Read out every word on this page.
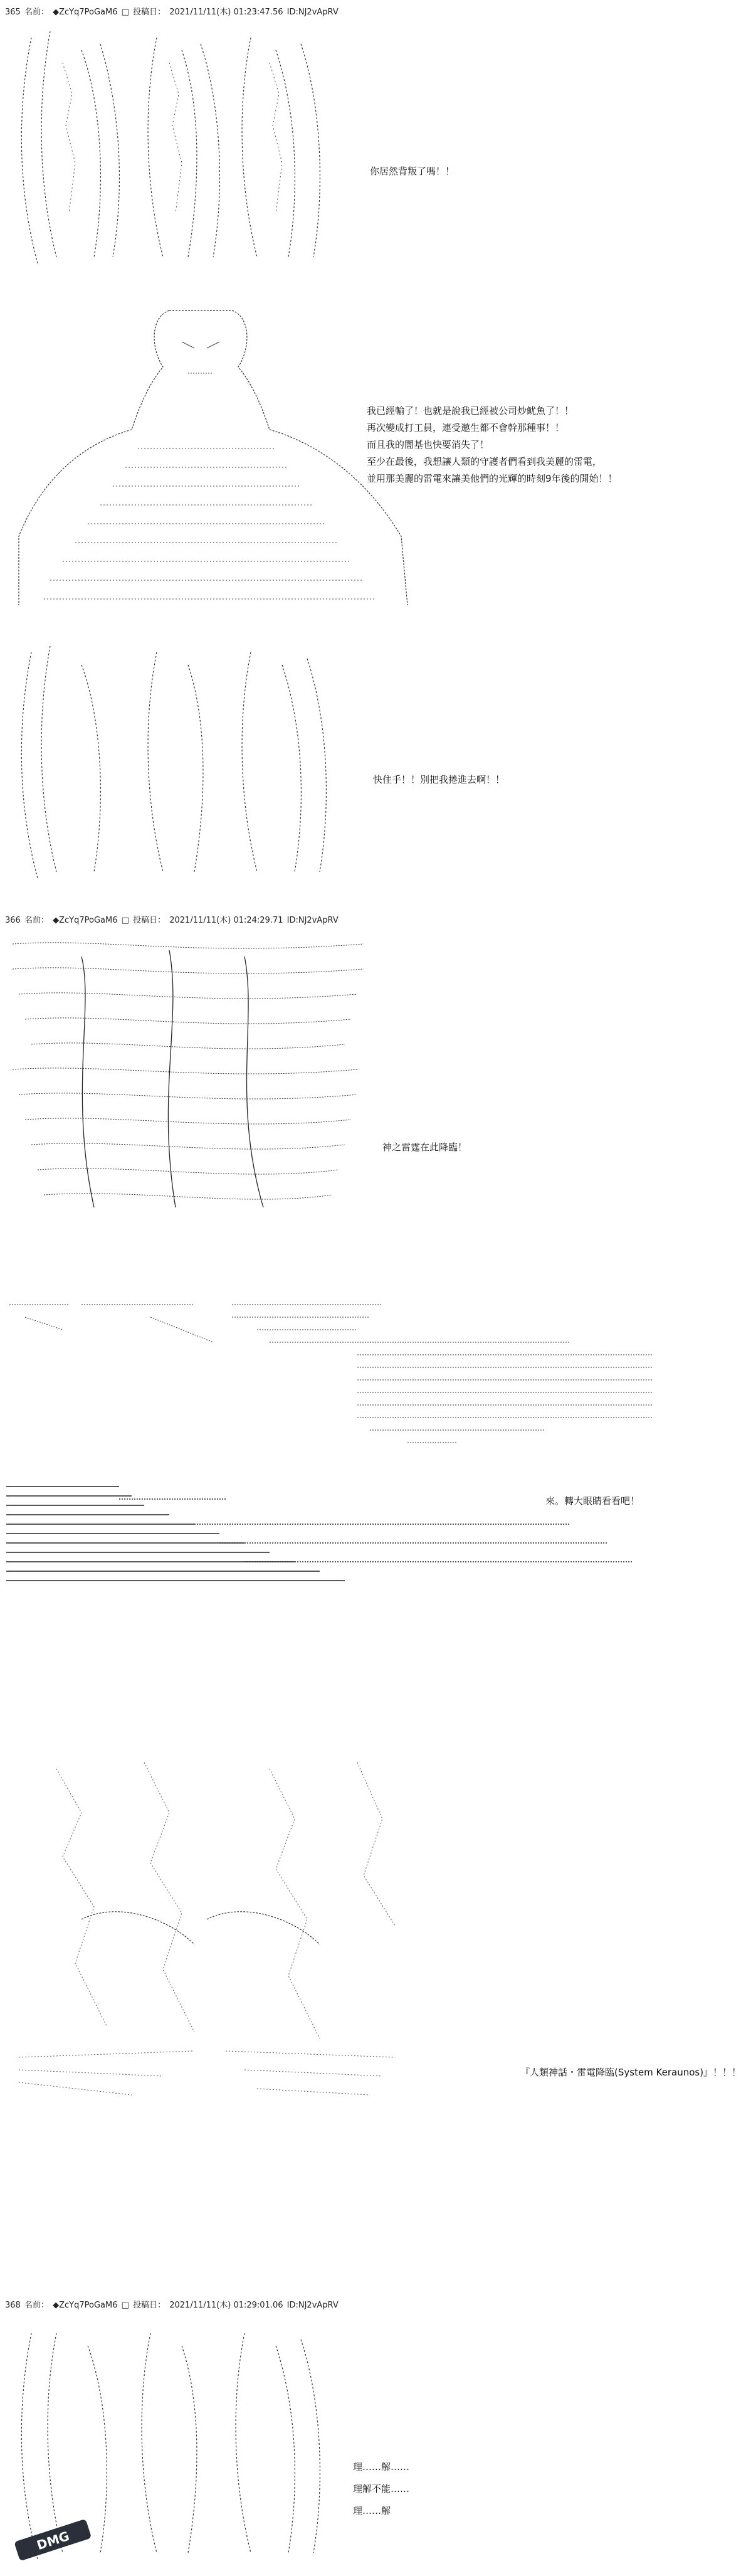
365 名前： ◆ZcYq7PoGaM6 □ 投稿日： 2021/11/11(木) 01:23:47.56 ID:NJ2vApRV
你居然背叛了嗎！！
我已經輸了！也就是說我已經被公司炒鱿魚了！！
再次變成打工員，連受邀生都不會幹那種事！！
而且我的闇基也快要消失了！
至少在最後，我想讓人類的守護者們看到我美麗的雷電，
並用那美麗的雷電來讓美他們的光輝的時刻9年後的開始！！
快住手！！別把我捲進去啊！！
366 名前： ◆ZcYq7PoGaM6 □ 投稿日： 2021/11/11(木) 01:24:29.71 ID:NJ2vApRV
神之雷霆在此降臨！
來。轉大眼睛看看吧！
『人類神話・雷電降臨(System Keraunos)』！！！
368 名前： ◆ZcYq7PoGaM6 □ 投稿日： 2021/11/11(木) 01:29:01.06 ID:NJ2vApRV
理……解……
理解不能……
理……解
DMG
